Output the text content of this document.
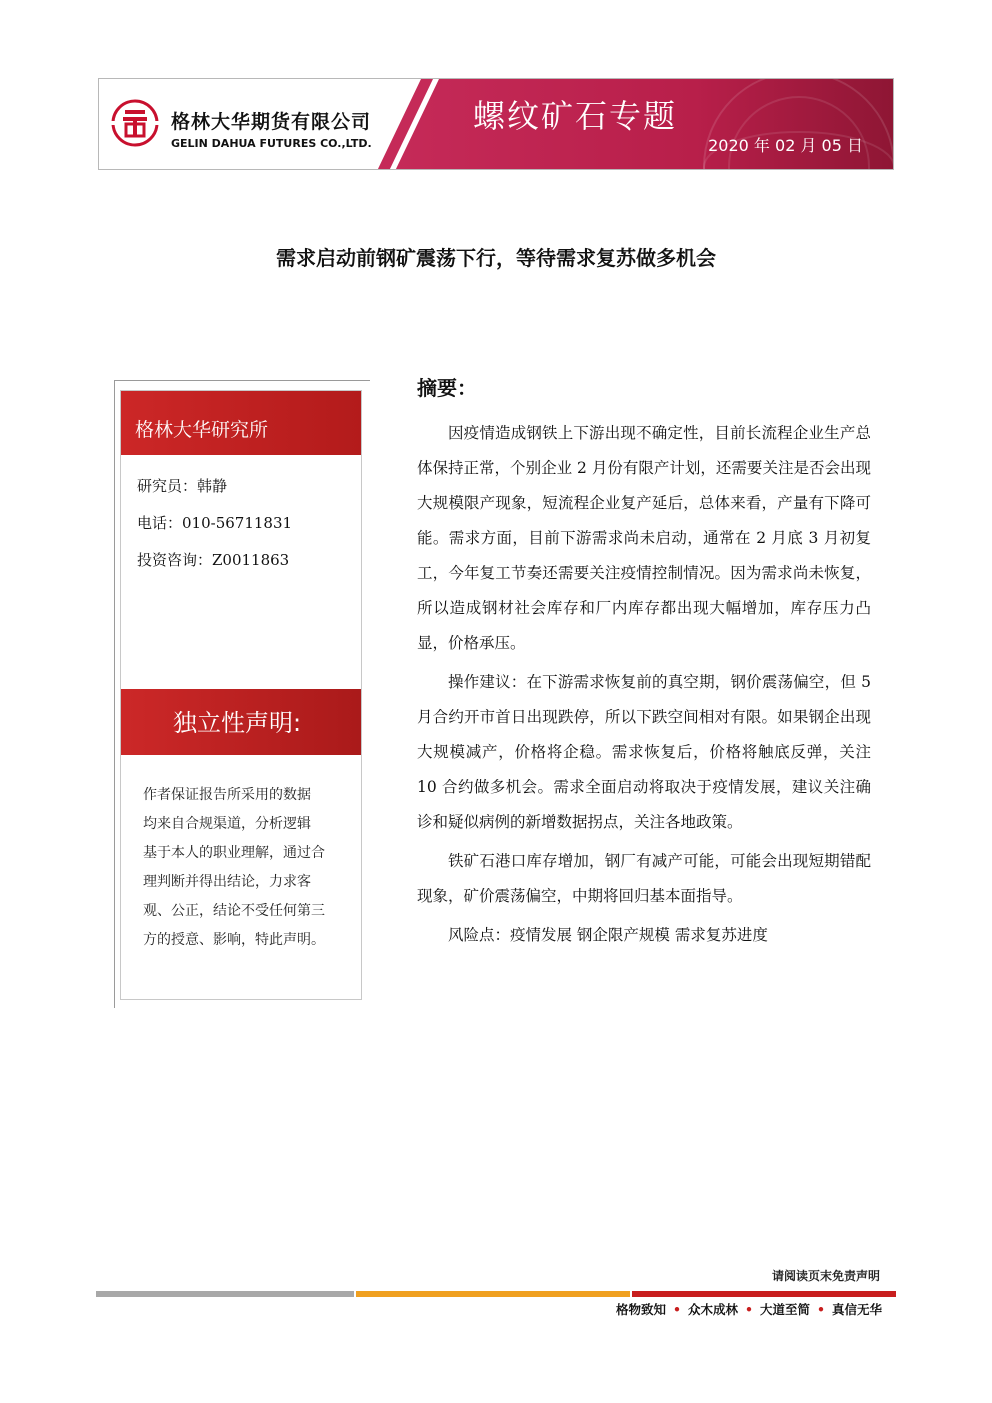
格林大华期货有限公司
GELIN DAHUA FUTURES CO.,LTD.
螺纹矿石专题
2020 年 02 月 05 日
需求启动前钢矿震荡下行，等待需求复苏做多机会
格林大华研究所
研究员：韩静
电话：010-56711831
投资咨询：Z0011863
独立性声明:
作者保证报告所采用的数据
均来自合规渠道，分析逻辑
基于本人的职业理解，通过合
理判断并得出结论，力求客
观、公正，结论不受任何第三
方的授意、影响，特此声明。
摘要：

因疫情造成钢铁上下游出现不确定性，目前长流程企业生产总体保持正常，个别企业 2 月份有限产计划，还需要关注是否会出现大规模限产现象，短流程企业复产延后，总体来看，产量有下降可能。需求方面，目前下游需求尚未启动，通常在 2 月底 3 月初复工，今年复工节奏还需要关注疫情控制情况。因为需求尚未恢复，所以造成钢材社会库存和厂内库存都出现大幅增加，库存压力凸显，价格承压。

操作建议：在下游需求恢复前的真空期，钢价震荡偏空，但 5 月合约开市首日出现跌停，所以下跌空间相对有限。如果钢企出现大规模减产，价格将企稳。需求恢复后，价格将触底反弹，关注 10 合约做多机会。需求全面启动将取决于疫情发展，建议关注确诊和疑似病例的新增数据拐点，关注各地政策。

铁矿石港口库存增加，钢厂有减产可能，可能会出现短期错配现象，矿价震荡偏空，中期将回归基本面指导。

风险点：疫情发展 钢企限产规模 需求复苏进度

请阅读页末免责声明
格物致知 • 众木成林 • 大道至简 • 真信无华
